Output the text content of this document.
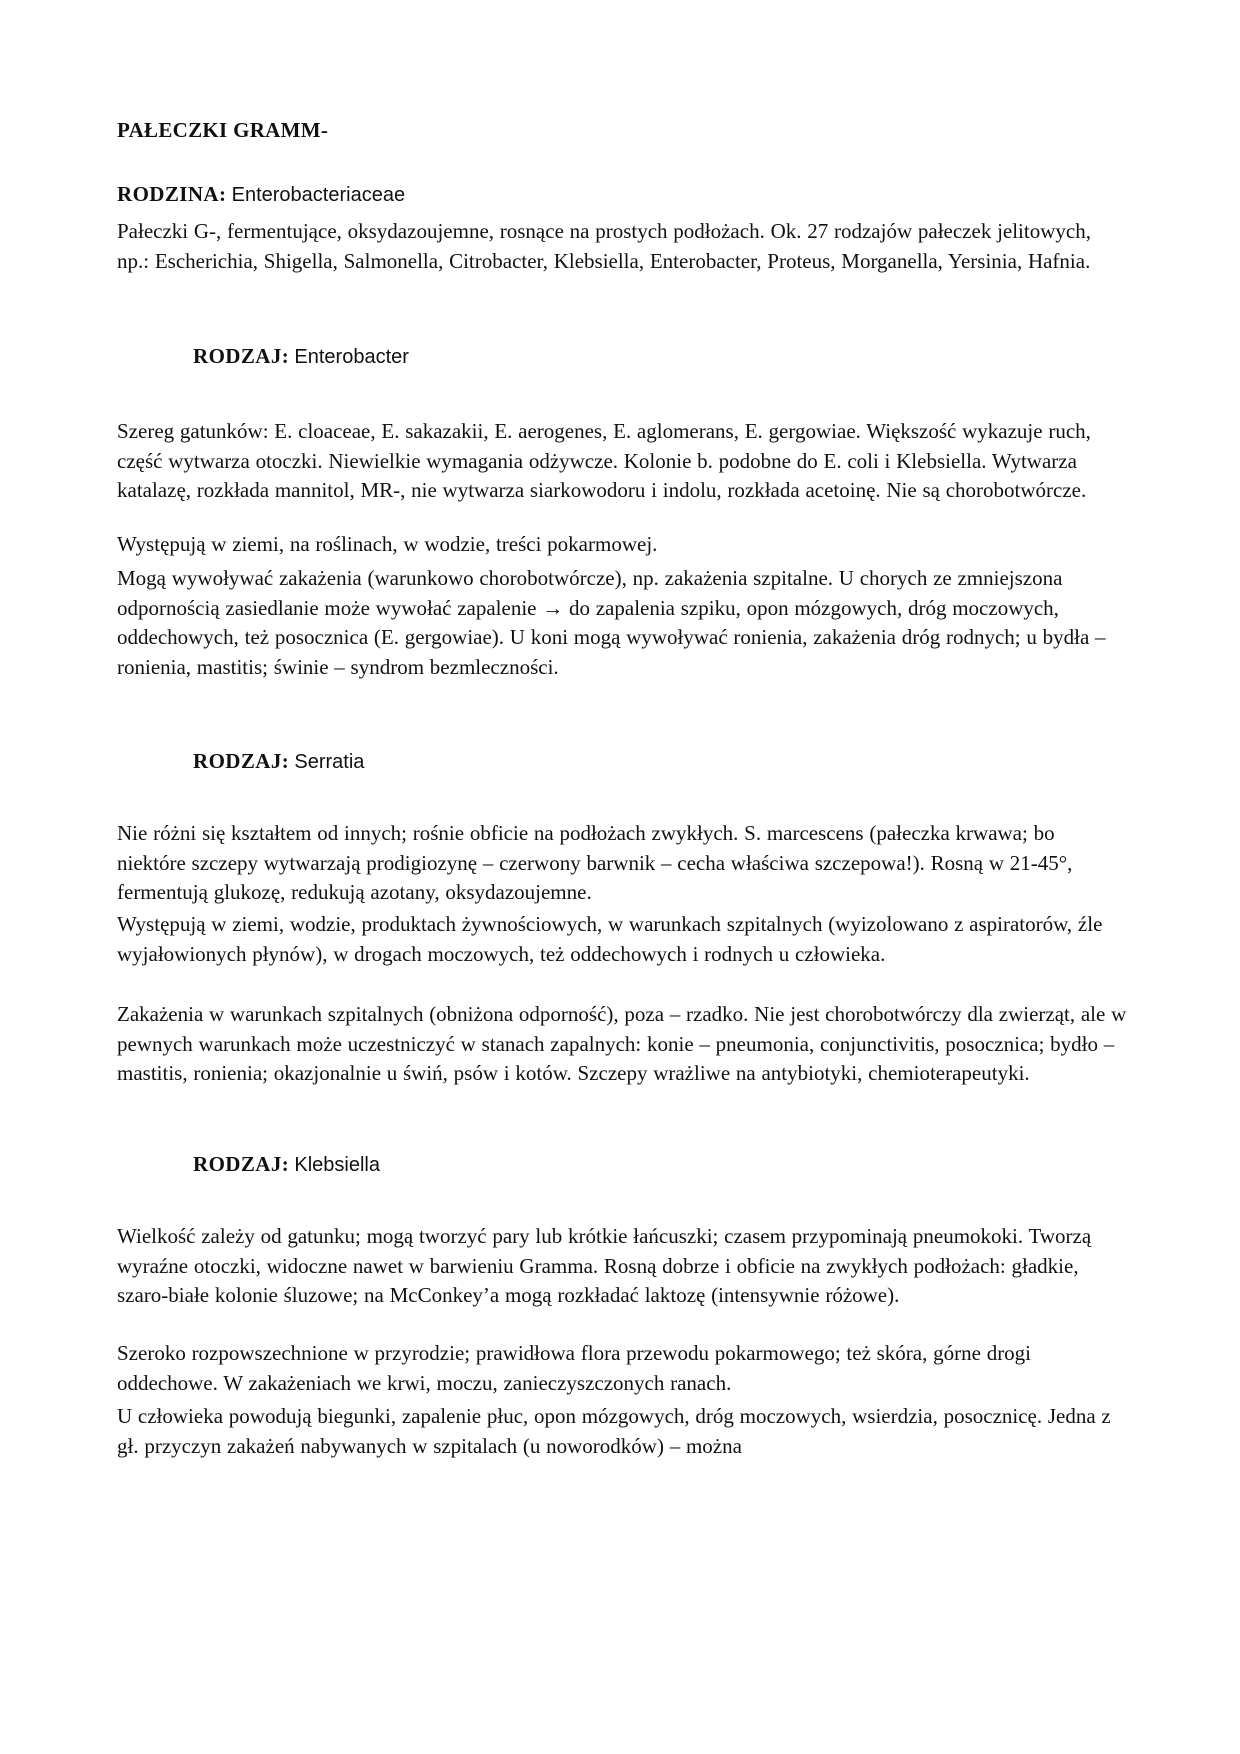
PAŁECZKI GRAMM-
RODZINA: Enterobacteriaceae

Pałeczki G-, fermentujące, oksydazoujemne, rosnące na prostych podłożach. Ok. 27 rodzajów pałeczek jelitowych, np.: Escherichia, Shigella, Salmonella, Citrobacter, Klebsiella, Enterobacter, Proteus, Morganella, Yersinia, Hafnia.

RODZAJ: Enterobacter

Szereg gatunków: E. cloaceae, E. sakazakii, E. aerogenes, E. aglomerans, E. gergowiae. Większość wykazuje ruch, część wytwarza otoczki. Niewielkie wymagania odżywcze. Kolonie b. podobne do E. coli i Klebsiella. Wytwarza katalazę, rozkłada mannitol, MR-, nie wytwarza siarkowodoru i indolu, rozkłada acetoinę. Nie są chorobotwórcze.

Występują w ziemi, na roślinach, w wodzie, treści pokarmowej.

Mogą wywoływać zakażenia (warunkowo chorobotwórcze), np. zakażenia szpitalne. U chorych ze zmniejszona odpornością zasiedlanie może wywołać zapalenie → do zapalenia szpiku, opon mózgowych, dróg moczowych, oddechowych, też posocznica (E. gergowiae). U koni mogą wywoływać ronienia, zakażenia dróg rodnych; u bydła – ronienia, mastitis; świnie – syndrom bezmleczności.

RODZAJ: Serratia

Nie różni się kształtem od innych; rośnie obficie na podłożach zwykłych. S. marcescens (pałeczka krwawa; bo niektóre szczepy wytwarzają prodigiozynę – czerwony barwnik – cecha właściwa szczepowa!). Rosną w 21-45°, fermentują glukozę, redukują azotany, oksydazoujemne.

Występują w ziemi, wodzie, produktach żywnościowych, w warunkach szpitalnych (wyizolowano z aspiratorów, źle wyjałowionych płynów), w drogach moczowych, też oddechowych i rodnych u człowieka.

Zakażenia w warunkach szpitalnych (obniżona odporność), poza – rzadko. Nie jest chorobotwórczy dla zwierząt, ale w pewnych warunkach może uczestniczyć w stanach zapalnych: konie – pneumonia, conjunctivitis, posocznica; bydło – mastitis, ronienia; okazjonalnie u świń, psów i kotów. Szczepy wrażliwe na antybiotyki, chemioterapeutyki.

RODZAJ: Klebsiella

Wielkość zależy od gatunku; mogą tworzyć pary lub krótkie łańcuszki; czasem przypominają pneumokoki. Tworzą wyraźne otoczki, widoczne nawet w barwieniu Gramma. Rosną dobrze i obficie na zwykłych podłożach: gładkie, szaro-białe kolonie śluzowe; na McConkey’a mogą rozkładać laktozę (intensywnie różowe).

Szeroko rozpowszechnione w przyrodzie; prawidłowa flora przewodu pokarmowego; też skóra, górne drogi oddechowe. W zakażeniach we krwi, moczu, zanieczyszczonych ranach.

U człowieka powodują biegunki, zapalenie płuc, opon mózgowych, dróg moczowych, wsierdzia, posocznicę. Jedna z gł. przyczyn zakażeń nabywanych w szpitalach (u noworodków) – można
